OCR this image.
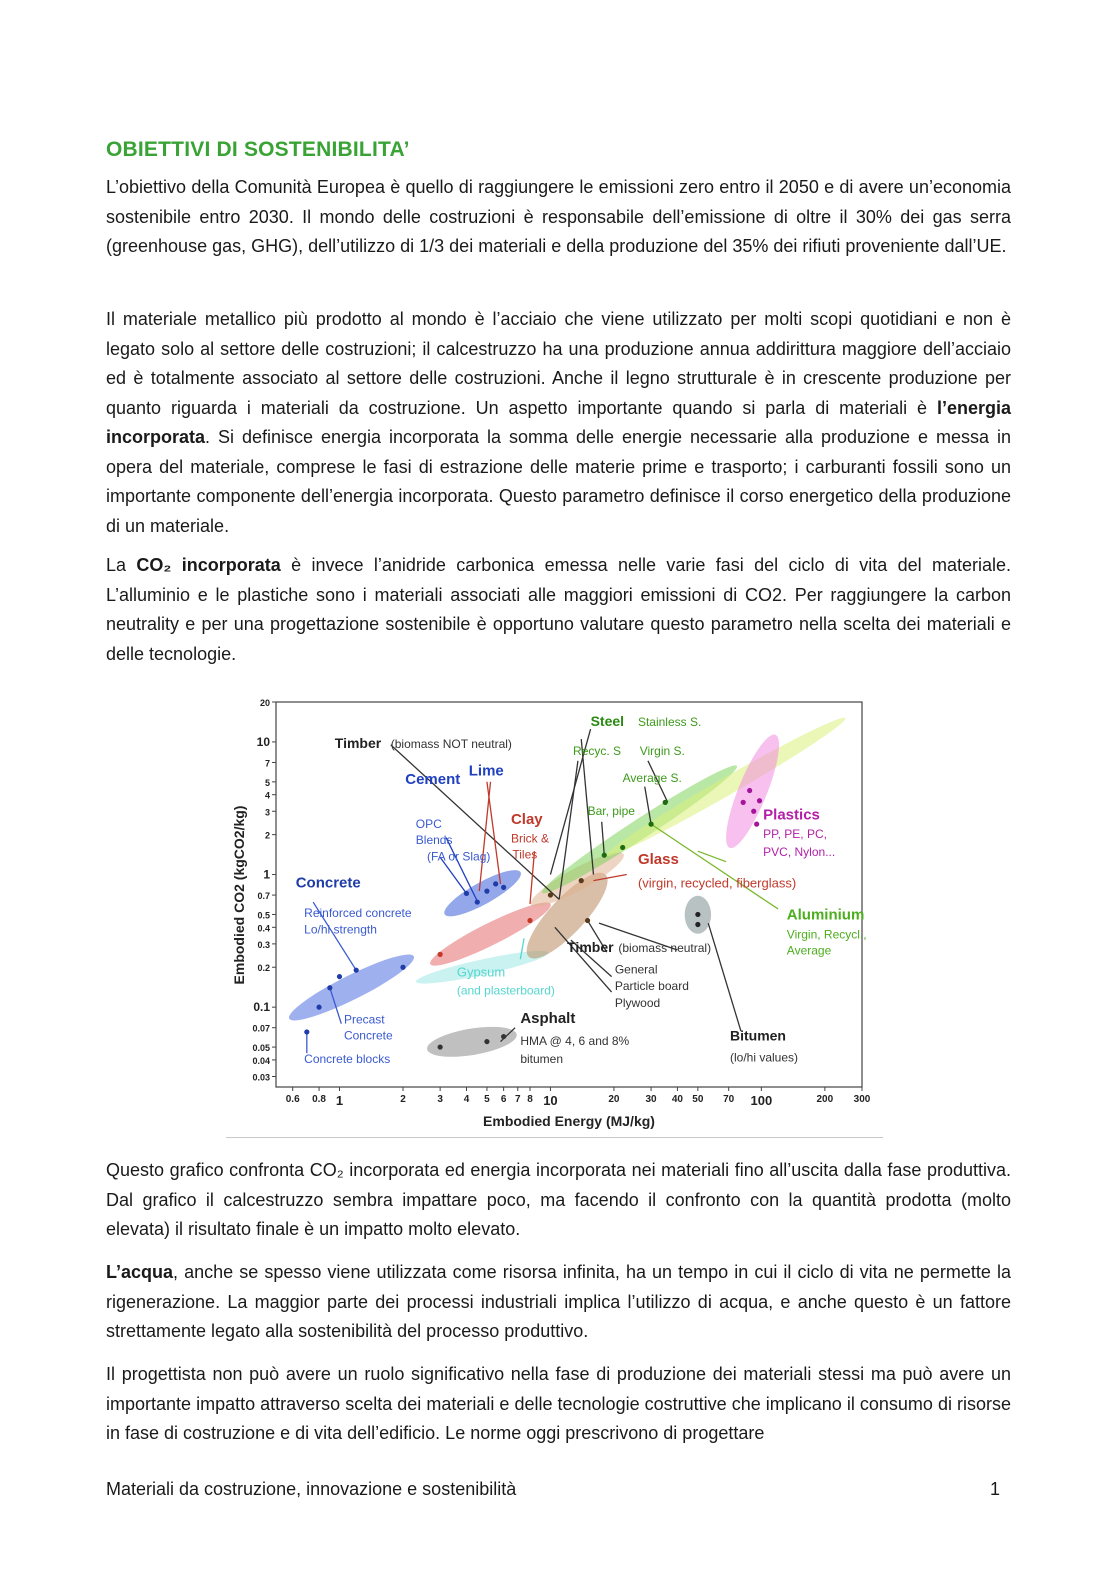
OBIETTIVI DI SOSTENIBILITA’
L’obiettivo della Comunità Europea è quello di raggiungere le emissioni zero entro il 2050 e di avere un’economia sostenibile entro 2030. Il mondo delle costruzioni è responsabile dell’emissione di oltre il 30% dei gas serra (greenhouse gas, GHG), dell’utilizzo di 1/3 dei materiali e della produzione del 35% dei rifiuti proveniente dall’UE.
Il materiale metallico più prodotto al mondo è l’acciaio che viene utilizzato per molti scopi quotidiani e non è legato solo al settore delle costruzioni; il calcestruzzo ha una produzione annua addirittura maggiore dell’acciaio ed è totalmente associato al settore delle costruzioni. Anche il legno strutturale è in crescente produzione per quanto riguarda i materiali da costruzione. Un aspetto importante quando si parla di materiali è l’energia incorporata. Si definisce energia incorporata la somma delle energie necessarie alla produzione e messa in opera del materiale, comprese le fasi di estrazione delle materie prime e trasporto; i carburanti fossili sono un importante componente dell’energia incorporata. Questo parametro definisce il corso energetico della produzione di un materiale.
La CO₂ incorporata è invece l’anidride carbonica emessa nelle varie fasi del ciclo di vita del materiale. L’alluminio e le plastiche sono i materiali associati alle maggiori emissioni di CO2. Per raggiungere la carbon neutrality e per una progettazione sostenibile è opportuno valutare questo parametro nella scelta dei materiali e delle tecnologie.
Timber (biomass NOT neutral)
Steel Stainless S.
Recyc. S Virgin S.
Average S.
Bar, pipe
Cement
Lime
OPC
Blends
(FA or Slag)
Clay
Brick &
Tiles
Concrete
Reinforced concrete
Lo/hi strength
Precast
Concrete
Concrete blocks
Glass
(virgin, recycled, fiberglass)
Plastics
PP, PE, PC,
PVC, Nylon...
Aluminium
Virgin, Recycl.,
Average
Timber (biomass neutral)
General
Particle board
Plywood
Gypsum
(and plasterboard)
Asphalt
HMA @ 4, 6 and 8%
bitumen
Bitumen
(lo/hi values)
0.6 0.8 1	2	3 4 5 6 7 8 10	20	30 40 50 70 100	200 300
0.03
0.04
0.05
0.07
0.1
0.2
0.3
0.4
0.5
0.7
1
2
3
4
5
7
10
20
Embodied Energy (MJ/kg)
Embodied CO2 (kgCO2/kg)
Questo grafico confronta CO₂ incorporata ed energia incorporata nei materiali fino all’uscita dalla fase produttiva. Dal grafico il calcestruzzo sembra impattare poco, ma facendo il confronto con la quantità prodotta (molto elevata) il risultato finale è un impatto molto elevato.
L’acqua, anche se spesso viene utilizzata come risorsa infinita, ha un tempo in cui il ciclo di vita ne permette la rigenerazione. La maggior parte dei processi industriali implica l’utilizzo di acqua, e anche questo è un fattore strettamente legato alla sostenibilità del processo produttivo.
Il progettista non può avere un ruolo significativo nella fase di produzione dei materiali stessi ma può avere un importante impatto attraverso scelta dei materiali e delle tecnologie costruttive che implicano il consumo di risorse in fase di costruzione e di vita dell’edificio. Le norme oggi prescrivono di progettare
Materiali da costruzione, innovazione e sostenibilità	1
